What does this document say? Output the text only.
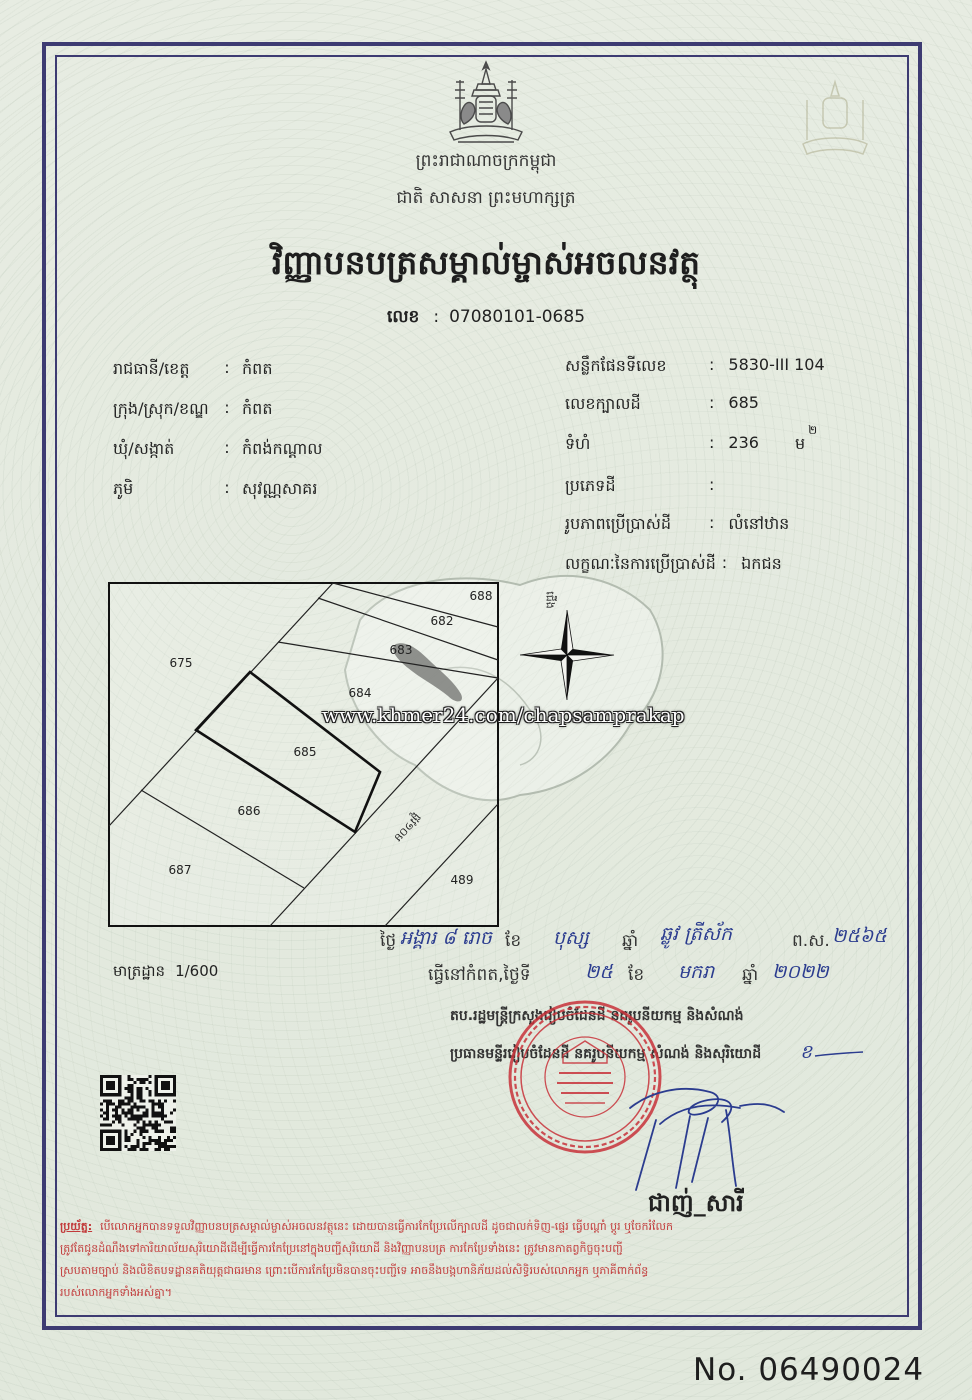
ព្រះរាជាណាចក្រកម្ពុជា
ជាតិ សាសនា ព្រះមហាក្សត្រ
វិញ្ញាបនបត្រសម្គាល់ម្ចាស់អចលនវត្ថុ
លេខ : 07080101-0685
រាជធានី/ខេត្ត	: កំពត
ក្រុង/ស្រុក/ខណ្ឌ : កំពត
ឃុំ/សង្កាត់	: កំពង់កណ្ដាល
ភូមិ	: សុវណ្ណសាគរ
សន្លឹកផែនទីលេខ	: 5830-III 104
លេខក្បាលដី	: 685
ទំហំ	: 236 ម
២
ប្រភេទដី	:
រូបភាពប្រើប្រាស់ដី	: លំនៅឋាន
លក្ខណៈនៃការប្រើប្រាស់ដី : ឯកជន
688
682
683
675
684
685
686
687
489
ផ្លូវ១០ម
ជើង
www.khmer24.com/chapsamprakap
មាត្រដ្ឋាន 1/600
ថ្ងៃ អង្គារ ៨ រោច ខែ បុស្ស ឆ្នាំ ឆ្លូវ ត្រីស័ក	ព.ស. ២៥៦៥
ធ្វើនៅកំពត,ថ្ងៃទី	២៥ ខែ មករា ឆ្នាំ ២០២២
តប.រដ្ឋមន្ត្រីក្រសួងរៀបចំដែនដី នគរូបនីយកម្ម និងសំណង់
ប្រធានមន្ទីររៀបចំដែនដី នគរូបនីយកម្ម សំណង់ និងសុរិយោដី	ខ
ជាញ់_សារី
ប្រយ័ត្ន: បើលោកអ្នកបានទទួលវិញ្ញាបនបត្រសម្គាល់ម្ចាស់អចលនវត្ថុនេះ ដោយបានធ្វើការកែប្រែលើក្បាលដី ដូចជាលក់ទិញ-ផ្ទេរ ធ្វើបណ្ដាំ ប្ដូរ ឬចែករំលែក
ត្រូវតែជូនដំណឹងទៅការិយាល័យសុរិយោដីដើម្បីធ្វើការកែប្រែនៅក្នុងបញ្ជីសុរិយោដី និងវិញ្ញាបនបត្រ ការកែប្រែទាំងនេះ ត្រូវមានកាតព្វកិច្ចចុះបញ្ជី
ស្របតាមច្បាប់ និងលិខិតបទដ្ឋានគតិយុត្តជាធរមាន ព្រោះបើការកែប្រែមិនបានចុះបញ្ជីទេ អាចនឹងបង្កហានិភ័យដល់សិទ្ធិរបស់លោកអ្នក ឬភាគីពាក់ព័ន្ធ
របស់លោកអ្នកទាំងអស់គ្នា។
No. 06490024
